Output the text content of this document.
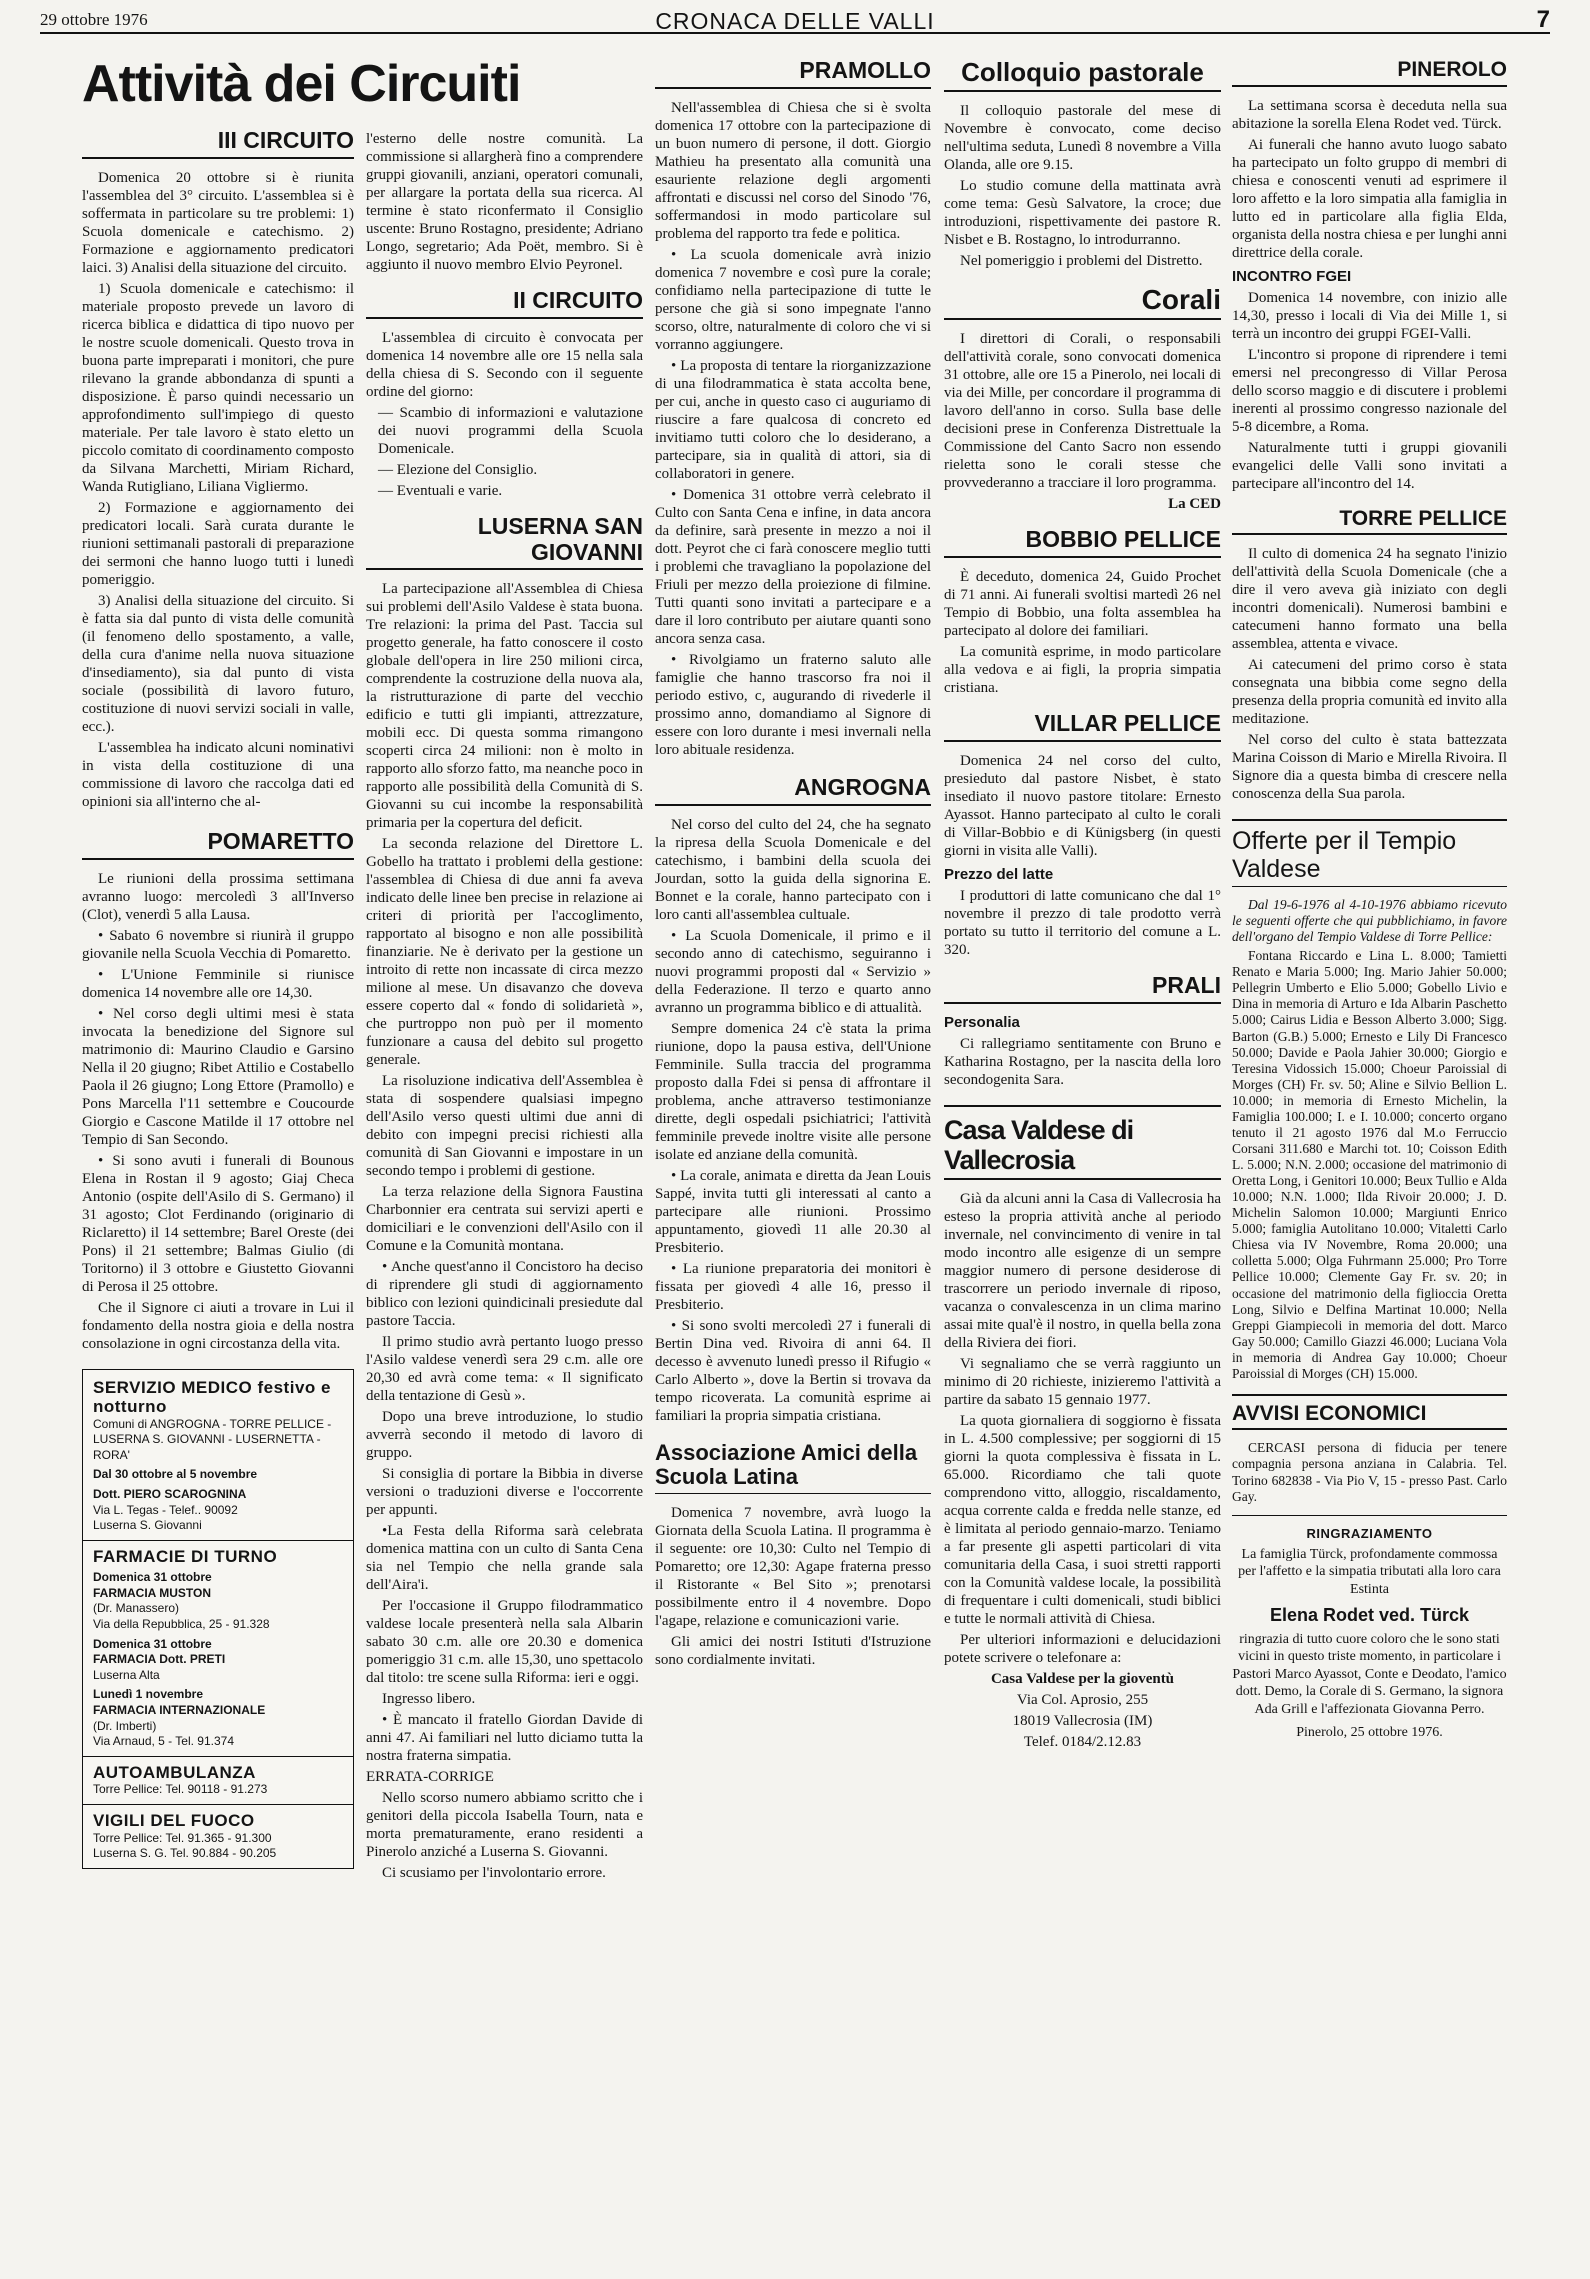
29 ottobre 1976	CRONACA DELLE VALLI	7
Attività dei Circuiti
III CIRCUITO

Domenica 20 ottobre si è riunita l'assemblea del 3° circuito. L'assemblea si è soffermata in particolare su tre problemi: 1) Scuola domenicale e catechismo. 2) Formazione e aggiornamento predicatori laici. 3) Analisi della situazione del circuito.

1) Scuola domenicale e catechismo: il materiale proposto prevede un lavoro di ricerca biblica e didattica di tipo nuovo per le nostre scuole domenicali. Questo trova in buona parte impreparati i monitori, che pure rilevano la grande abbondanza di spunti a disposizione. È parso quindi necessario un approfondimento sull'impiego di questo materiale. Per tale lavoro è stato eletto un piccolo comitato di coordinamento composto da Silvana Marchetti, Miriam Richard, Wanda Rutigliano, Liliana Vigliermo.

2) Formazione e aggiornamento dei predicatori locali. Sarà curata durante le riunioni settimanali pastorali di preparazione dei sermoni che hanno luogo tutti i lunedì pomeriggio.

3) Analisi della situazione del circuito. Si è fatta sia dal punto di vista delle comunità (il fenomeno dello spostamento, a valle, della cura d'anime nella nuova situazione d'insediamento), sia dal punto di vista sociale (possibilità di lavoro futuro, costituzione di nuovi servizi sociali in valle, ecc.).

L'assemblea ha indicato alcuni nominativi in vista della costituzione di una commissione di lavoro che raccolga dati ed opinioni sia all'interno che al-

POMARETTO

Le riunioni della prossima settimana avranno luogo: mercoledì 3 all'Inverso (Clot), venerdì 5 alla Lausa.

• Sabato 6 novembre si riunirà il gruppo giovanile nella Scuola Vecchia di Pomaretto.

• L'Unione Femminile si riunisce domenica 14 novembre alle ore 14,30.

• Nel corso degli ultimi mesi è stata invocata la benedizione del Signore sul matrimonio di: Maurino Claudio e Garsino Nella il 20 giugno; Ribet Attilio e Costabello Paola il 26 giugno; Long Ettore (Pramollo) e Pons Marcella l'11 settembre e Coucourde Giorgio e Cascone Matilde il 17 ottobre nel Tempio di San Secondo.

• Si sono avuti i funerali di Bounous Elena in Rostan il 9 agosto; Giaj Checa Antonio (ospite dell'Asilo di S. Germano) il 31 agosto; Clot Ferdinando (originario di Riclaretto) il 14 settembre; Barel Oreste (dei Pons) il 21 settembre; Balmas Giulio (di Toritorno) il 3 ottobre e Giustetto Giovanni di Perosa il 25 ottobre.

Che il Signore ci aiuti a trovare in Lui il fondamento della nostra gioia e della nostra consolazione in ogni circostanza della vita.

SERVIZIO MEDICO festivo e notturno
Comuni di ANGROGNA - TORRE PELLICE - LUSERNA S. GIOVANNI - LUSERNETTA - RORA'
Dal 30 ottobre al 5 novembre
Dott. PIERO SCAROGNINA
Via L. Tegas - Telef.. 90092
Luserna S. Giovanni
FARMACIE DI TURNO
Domenica 31 ottobre
FARMACIA MUSTON
(Dr. Manassero)
Via della Repubblica, 25 - 91.328
Domenica 31 ottobre
FARMACIA Dott. PRETI
Luserna Alta
Lunedì 1 novembre
FARMACIA INTERNAZIONALE
(Dr. Imberti)
Via Arnaud, 5 - Tel. 91.374
AUTOAMBULANZA
Torre Pellice: Tel. 90118 - 91.273
VIGILI DEL FUOCO
Torre Pellice: Tel. 91.365 - 91.300
Luserna S. G. Tel. 90.884 - 90.205

l'esterno delle nostre comunità. La commissione si allargherà fino a comprendere gruppi giovanili, anziani, operatori comunali, per allargare la portata della sua ricerca. Al termine è stato riconfermato il Consiglio uscente: Bruno Rostagno, presidente; Adriano Longo, segretario; Ada Poët, membro. Si è aggiunto il nuovo membro Elvio Peyronel.

II CIRCUITO

L'assemblea di circuito è convocata per domenica 14 novembre alle ore 15 nella sala della chiesa di S. Secondo con il seguente ordine del giorno:

— Scambio di informazioni e valutazione dei nuovi programmi della Scuola Domenicale.

— Elezione del Consiglio.

— Eventuali e varie.

LUSERNA SAN GIOVANNI

La partecipazione all'Assemblea di Chiesa sui problemi dell'Asilo Valdese è stata buona. Tre relazioni: la prima del Past. Taccia sul progetto generale, ha fatto conoscere il costo globale dell'opera in lire 250 milioni circa, comprendente la costruzione della nuova ala, la ristrutturazione di parte del vecchio edificio e tutti gli impianti, attrezzature, mobili ecc. Di questa somma rimangono scoperti circa 24 milioni: non è molto in rapporto allo sforzo fatto, ma neanche poco in rapporto alle possibilità della Comunità di S. Giovanni su cui incombe la responsabilità primaria per la copertura del deficit.

La seconda relazione del Direttore L. Gobello ha trattato i problemi della gestione: l'assemblea di Chiesa di due anni fa aveva indicato delle linee ben precise in relazione ai criteri di priorità per l'accoglimento, rapportato al bisogno e non alle possibilità finanziarie. Ne è derivato per la gestione un introito di rette non incassate di circa mezzo milione al mese. Un disavanzo che doveva essere coperto dal « fondo di solidarietà », che purtroppo non può per il momento funzionare a causa del debito sul progetto generale.

La risoluzione indicativa dell'Assemblea è stata di sospendere qualsiasi impegno dell'Asilo verso questi ultimi due anni di debito con impegni precisi richiesti alla comunità di San Giovanni e impostare in un secondo tempo i problemi di gestione.

La terza relazione della Signora Faustina Charbonnier era centrata sui servizi aperti e domiciliari e le convenzioni dell'Asilo con il Comune e la Comunità montana.

• Anche quest'anno il Concistoro ha deciso di riprendere gli studi di aggiornamento biblico con lezioni quindicinali presiedute dal pastore Taccia.

Il primo studio avrà pertanto luogo presso l'Asilo valdese venerdì sera 29 c.m. alle ore 20,30 ed avrà come tema: « Il significato della tentazione di Gesù ».

Dopo una breve introduzione, lo studio avverrà secondo il metodo di lavoro di gruppo.

Si consiglia di portare la Bibbia in diverse versioni o traduzioni diverse e l'occorrente per appunti.

•La Festa della Riforma sarà celebrata domenica mattina con un culto di Santa Cena sia nel Tempio che nella grande sala dell'Aira'i.

Per l'occasione il Gruppo filodrammatico valdese locale presenterà nella sala Albarin sabato 30 c.m. alle ore 20.30 e domenica pomeriggio 31 c.m. alle 15,30, uno spettacolo dal titolo: tre scene sulla Riforma: ieri e oggi.

Ingresso libero.

• È mancato il fratello Giordan Davide di anni 47. Ai familiari nel lutto diciamo tutta la nostra fraterna simpatia.

ERRATA-CORRIGE

Nello scorso numero abbiamo scritto che i genitori della piccola Isabella Tourn, nata e morta prematuramente, erano residenti a Pinerolo anziché a Luserna S. Giovanni.

Ci scusiamo per l'involontario errore.

PRAMOLLO

Nell'assemblea di Chiesa che si è svolta domenica 17 ottobre con la partecipazione di un buon numero di persone, il dott. Giorgio Mathieu ha presentato alla comunità una esauriente relazione degli argomenti affrontati e discussi nel corso del Sinodo '76, soffermandosi in modo particolare sul problema del rapporto tra fede e politica.

• La scuola domenicale avrà inizio domenica 7 novembre e così pure la corale; confidiamo nella partecipazione di tutte le persone che già si sono impegnate l'anno scorso, oltre, naturalmente di coloro che vi si vorranno aggiungere.

• La proposta di tentare la riorganizzazione di una filodrammatica è stata accolta bene, per cui, anche in questo caso ci auguriamo di riuscire a fare qualcosa di concreto ed invitiamo tutti coloro che lo desiderano, a partecipare, sia in qualità di attori, sia di collaboratori in genere.

• Domenica 31 ottobre verrà celebrato il Culto con Santa Cena e infine, in data ancora da definire, sarà presente in mezzo a noi il dott. Peyrot che ci farà conoscere meglio tutti i problemi che travagliano la popolazione del Friuli per mezzo della proiezione di filmine. Tutti quanti sono invitati a partecipare e a dare il loro contributo per aiutare quanti sono ancora senza casa.

• Rivolgiamo un fraterno saluto alle famiglie che hanno trascorso fra noi il periodo estivo, c, augurando di rivederle il prossimo anno, domandiamo al Signore di essere con loro durante i mesi invernali nella loro abituale residenza.

ANGROGNA

Nel corso del culto del 24, che ha segnato la ripresa della Scuola Domenicale e del catechismo, i bambini della scuola dei Jourdan, sotto la guida della signorina E. Bonnet e la corale, hanno partecipato con i loro canti all'assemblea cultuale.

• La Scuola Domenicale, il primo e il secondo anno di catechismo, seguiranno i nuovi programmi proposti dal « Servizio » della Federazione. Il terzo e quarto anno avranno un programma biblico e di attualità.

Sempre domenica 24 c'è stata la prima riunione, dopo la pausa estiva, dell'Unione Femminile. Sulla traccia del programma proposto dalla Fdei si pensa di affrontare il problema, anche attraverso testimonianze dirette, degli ospedali psichiatrici; l'attività femminile prevede inoltre visite alle persone isolate ed anziane della comunità.

• La corale, animata e diretta da Jean Louis Sappé, invita tutti gli interessati al canto a partecipare alle riunioni. Prossimo appuntamento, giovedì 11 alle 20.30 al Presbiterio.

• La riunione preparatoria dei monitori è fissata per giovedì 4 alle 16, presso il Presbiterio.

• Si sono svolti mercoledì 27 i funerali di Bertin Dina ved. Rivoira di anni 64. Il decesso è avvenuto lunedì presso il Rifugio « Carlo Alberto », dove la Bertin si trovava da tempo ricoverata. La comunità esprime ai familiari la propria simpatia cristiana.

Associazione Amici della Scuola Latina

Domenica 7 novembre, avrà luogo la Giornata della Scuola Latina. Il programma è il seguente: ore 10,30: Culto nel Tempio di Pomaretto; ore 12,30: Agape fraterna presso il Ristorante « Bel Sito »; prenotarsi possibilmente entro il 4 novembre. Dopo l'agape, relazione e comunicazioni varie.

Gli amici dei nostri Istituti d'Istruzione sono cordialmente invitati.

Colloquio pastorale

Il colloquio pastorale del mese di Novembre è convocato, come deciso nell'ultima seduta, Lunedì 8 novembre a Villa Olanda, alle ore 9.15.

Lo studio comune della mattinata avrà come tema: Gesù Salvatore, la croce; due introduzioni, rispettivamente dei pastore R. Nisbet e B. Rostagno, lo introdurranno.

Nel pomeriggio i problemi del Distretto.

Corali

I direttori di Corali, o responsabili dell'attività corale, sono convocati domenica 31 ottobre, alle ore 15 a Pinerolo, nei locali di via dei Mille, per concordare il programma di lavoro dell'anno in corso. Sulla base delle decisioni prese in Conferenza Distrettuale la Commissione del Canto Sacro non essendo rieletta sono le corali stesse che provvederanno a tracciare il loro programma.

La CED

BOBBIO PELLICE

È deceduto, domenica 24, Guido Prochet di 71 anni. Ai funerali svoltisi martedì 26 nel Tempio di Bobbio, una folta assemblea ha partecipato al dolore dei familiari.

La comunità esprime, in modo particolare alla vedova e ai figli, la propria simpatia cristiana.

VILLAR PELLICE

Domenica 24 nel corso del culto, presieduto dal pastore Nisbet, è stato insediato il nuovo pastore titolare: Ernesto Ayassot. Hanno partecipato al culto le corali di Villar-Bobbio e di Künigsberg (in questi giorni in visita alle Valli).

Prezzo del latte

I produttori di latte comunicano che dal 1° novembre il prezzo di tale prodotto verrà portato su tutto il territorio del comune a L. 320.

PRALI
Personalia

Ci rallegriamo sentitamente con Bruno e Katharina Rostagno, per la nascita della loro secondogenita Sara.

Casa Valdese di Vallecrosia

Già da alcuni anni la Casa di Vallecrosia ha esteso la propria attività anche al periodo invernale, nel convincimento di venire in tal modo incontro alle esigenze di un sempre maggior numero di persone desiderose di trascorrere un periodo invernale di riposo, vacanza o convalescenza in un clima marino assai mite qual'è il nostro, in quella bella zona della Riviera dei fiori.

Vi segnaliamo che se verrà raggiunto un minimo di 20 richieste, inizieremo l'attività a partire da sabato 15 gennaio 1977.

La quota giornaliera di soggiorno è fissata in L. 4.500 complessive; per soggiorni di 15 giorni la quota complessiva è fissata in L. 65.000. Ricordiamo che tali quote comprendono vitto, alloggio, riscaldamento, acqua corrente calda e fredda nelle stanze, ed è limitata al periodo gennaio-marzo. Teniamo a far presente gli aspetti particolari di vita comunitaria della Casa, i suoi stretti rapporti con la Comunità valdese locale, la possibilità di frequentare i culti domenicali, studi biblici e tutte le normali attività di Chiesa.

Per ulteriori informazioni e delucidazioni potete scrivere o telefonare a:

Casa Valdese per la gioventù

Via Col. Aprosio, 255

18019 Vallecrosia (IM)

Telef. 0184/2.12.83

PINEROLO

La settimana scorsa è deceduta nella sua abitazione la sorella Elena Rodet ved. Türck.

Ai funerali che hanno avuto luogo sabato ha partecipato un folto gruppo di membri di chiesa e conoscenti venuti ad esprimere il loro affetto e la loro simpatia alla famiglia in lutto ed in particolare alla figlia Elda, organista della nostra chiesa e per lunghi anni direttrice della corale.

INCONTRO FGEI

Domenica 14 novembre, con inizio alle 14,30, presso i locali di Via dei Mille 1, si terrà un incontro dei gruppi FGEI-Valli.

L'incontro si propone di riprendere i temi emersi nel precongresso di Villar Perosa dello scorso maggio e di discutere i problemi inerenti al prossimo congresso nazionale del 5-8 dicembre, a Roma.

Naturalmente tutti i gruppi giovanili evangelici delle Valli sono invitati a partecipare all'incontro del 14.

TORRE PELLICE

Il culto di domenica 24 ha segnato l'inizio dell'attività della Scuola Domenicale (che a dire il vero aveva già iniziato con degli incontri domenicali). Numerosi bambini e catecumeni hanno formato una bella assemblea, attenta e vivace.

Ai catecumeni del primo corso è stata consegnata una bibbia come segno della presenza della propria comunità ed invito alla meditazione.

Nel corso del culto è stata battezzata Marina Coisson di Mario e Mirella Rivoira. Il Signore dia a questa bimba di crescere nella conoscenza della Sua parola.

Offerte per il Tempio Valdese

Dal 19-6-1976 al 4-10-1976 abbiamo ricevuto le seguenti offerte che qui pubblichiamo, in favore dell'organo del Tempio Valdese di Torre Pellice:

Fontana Riccardo e Lina L. 8.000; Tamietti Renato e Maria 5.000; Ing. Mario Jahier 50.000; Pellegrin Umberto e Elio 5.000; Gobello Livio e Dina in memoria di Arturo e Ida Albarin Paschetto 5.000; Cairus Lidia e Besson Alberto 3.000; Sigg. Barton (G.B.) 5.000; Ernesto e Lily Di Francesco 50.000; Davide e Paola Jahier 30.000; Giorgio e Teresina Vidossich 15.000; Choeur Paroissial di Morges (CH) Fr. sv. 50; Aline e Silvio Bellion L. 10.000; in memoria di Ernesto Michelin, la Famiglia 100.000; I. e I. 10.000; concerto organo tenuto il 21 agosto 1976 dal M.o Ferruccio Corsani 311.680 e Marchi tot. 10; Coisson Edith L. 5.000; N.N. 2.000; occasione del matrimonio di Oretta Long, i Genitori 10.000; Beux Tullio e Alda 10.000; N.N. 1.000; Ilda Rivoir 20.000; J. D. Michelin Salomon 10.000; Margiunti Enrico 5.000; famiglia Autolitano 10.000; Vitaletti Carlo Chiesa via IV Novembre, Roma 20.000; una colletta 5.000; Olga Fuhrmann 25.000; Pro Torre Pellice 10.000; Clemente Gay Fr. sv. 20; in occasione del matrimonio della figlioccia Oretta Long, Silvio e Delfina Martinat 10.000; Nella Greppi Giampiecoli in memoria del dott. Marco Gay 50.000; Camillo Giazzi 46.000; Luciana Vola in memoria di Andrea Gay 10.000; Choeur Paroissial di Morges (CH) 15.000.

AVVISI ECONOMICI

CERCASI persona di fiducia per tenere compagnia persona anziana in Calabria. Tel. Torino 682838 - Via Pio V, 15 - presso Past. Carlo Gay.

RINGRAZIAMENTO
La famiglia Türck, profondamente commossa per l'affetto e la simpatia tributati alla loro cara Estinta
Elena Rodet ved. Türck
ringrazia di tutto cuore coloro che le sono stati vicini in questo triste momento, in particolare i Pastori Marco Ayassot, Conte e Deodato, l'amico dott. Demo, la Corale di S. Germano, la signora Ada Grill e l'affezionata Giovanna Perro.
Pinerolo, 25 ottobre 1976.
